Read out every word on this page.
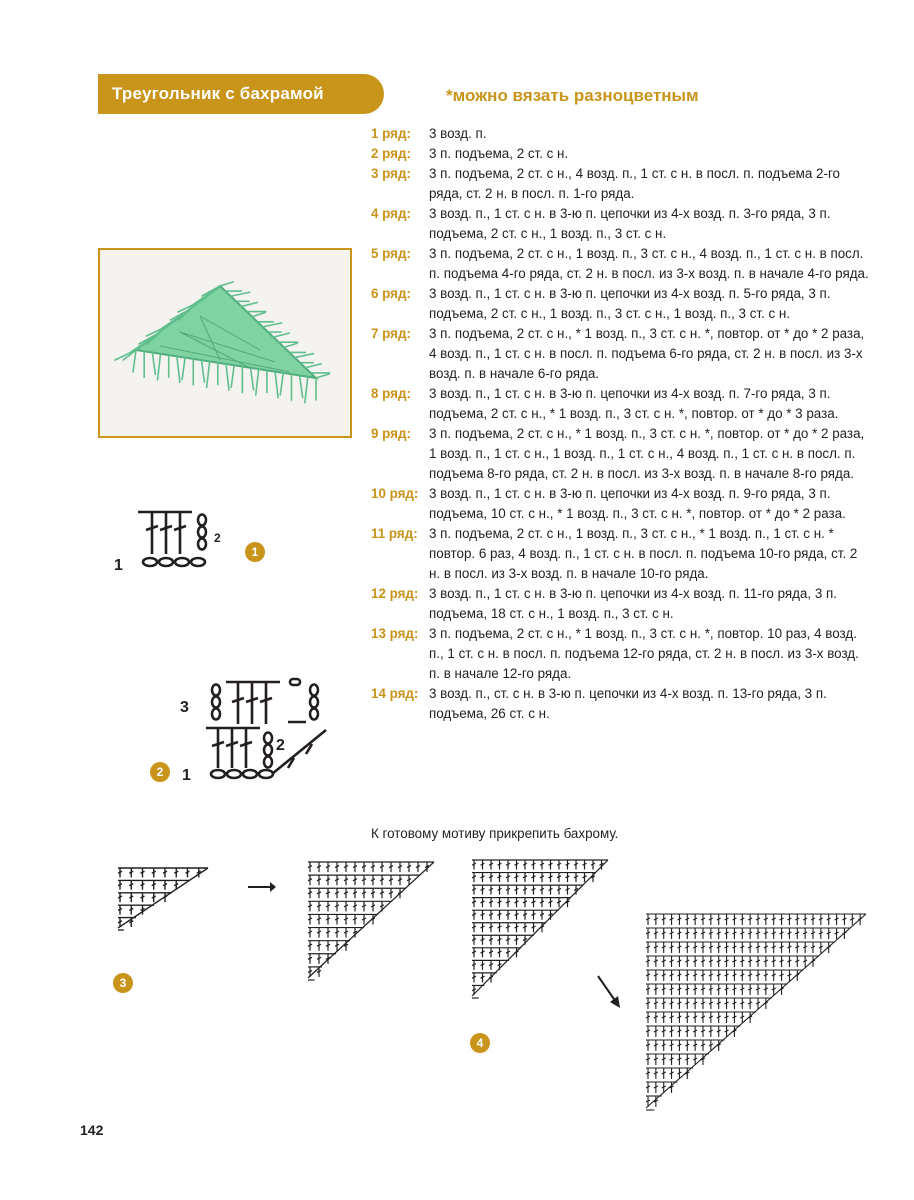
Треугольник с бахрамой	*можно вязать разноцветным
1 ряд:	3 возд. п.
2 ряд:	3 п. подъема, 2 ст. с н.
3 ряд:	3 п. подъема, 2 ст. с н., 4 возд. п., 1 ст. с н. в посл. п. подъема 2-го ряда, ст. 2 н. в посл. п. 1-го ряда.
4 ряд:	3 возд. п., 1 ст. с н. в 3-ю п. цепочки из 4-х возд. п. 3-го ряда, 3 п. подъема, 2 ст. с н., 1 возд. п., 3 ст. с н.
5 ряд:	3 п. подъема, 2 ст. с н., 1 возд. п., 3 ст. с н., 4 возд. п., 1 ст. с н. в посл. п. подъема 4-го ряда, ст. 2 н. в посл. из 3-х возд. п. в начале 4-го ряда.
6 ряд:	3 возд. п., 1 ст. с н. в 3-ю п. цепочки из 4-х возд. п. 5-го ряда, 3 п. подъема, 2 ст. с н., 1 возд. п., 3 ст. с н., 1 возд. п., 3 ст. с н.
7 ряд:	3 п. подъема, 2 ст. с н., * 1 возд. п., 3 ст. с н. *, повтор. от * до * 2 раза, 4 возд. п., 1 ст. с н. в посл. п. подъема 6-го ряда, ст. 2 н. в посл. из 3-х возд. п. в начале 6-го ряда.
8 ряд:	3 возд. п., 1 ст. с н. в 3-ю п. цепочки из 4-х возд. п. 7-го ряда, 3 п. подъема, 2 ст. с н., * 1 возд. п., 3 ст. с н. *, повтор. от * до * 3 раза.
9 ряд:	3 п. подъема, 2 ст. с н., * 1 возд. п., 3 ст. с н. *, повтор. от * до * 2 раза, 1 возд. п., 1 ст. с н., 1 возд. п., 1 ст. с н., 4 возд. п., 1 ст. с н. в посл. п. подъема 8-го ряда, ст. 2 н. в посл. из 3-х возд. п. в начале 8-го ряда.
10 ряд: 3 возд. п., 1 ст. с н. в 3-ю п. цепочки из 4-х возд. п. 9-го ряда, 3 п. подъема, 10 ст. с н., * 1 возд. п., 3 ст. с н. *, повтор. от * до * 2 раза.
11 ряд: 3 п. подъема, 2 ст. с н., 1 возд. п., 3 ст. с н., * 1 возд. п., 1 ст. с н. * повтор. 6 раз, 4 возд. п., 1 ст. с н. в посл. п. подъема 10-го ряда, ст. 2 н. в посл. из 3-х возд. п. в начале 10-го ряда.
12 ряд: 3 возд. п., 1 ст. с н. в 3-ю п. цепочки из 4-х возд. п. 11-го ряда, 3 п. подъема, 18 ст. с н., 1 возд. п., 3 ст. с н.
13 ряд: 3 п. подъема, 2 ст. с н., * 1 возд. п., 3 ст. с н. *, повтор. 10 раз, 4 возд. п., 1 ст. с н. в посл. п. подъема 12-го ряда, ст. 2 н. в посл. из 3-х возд. п. в начале 12-го ряда.
14 ряд: 3 возд. п., ст. с н. в 3-ю п. цепочки из 4-х возд. п. 13-го ряда, 3 п. подъема, 26 ст. с н.
К готовому мотиву прикрепить бахрому.
1
2
1
3
1
2
2
3
4
142
